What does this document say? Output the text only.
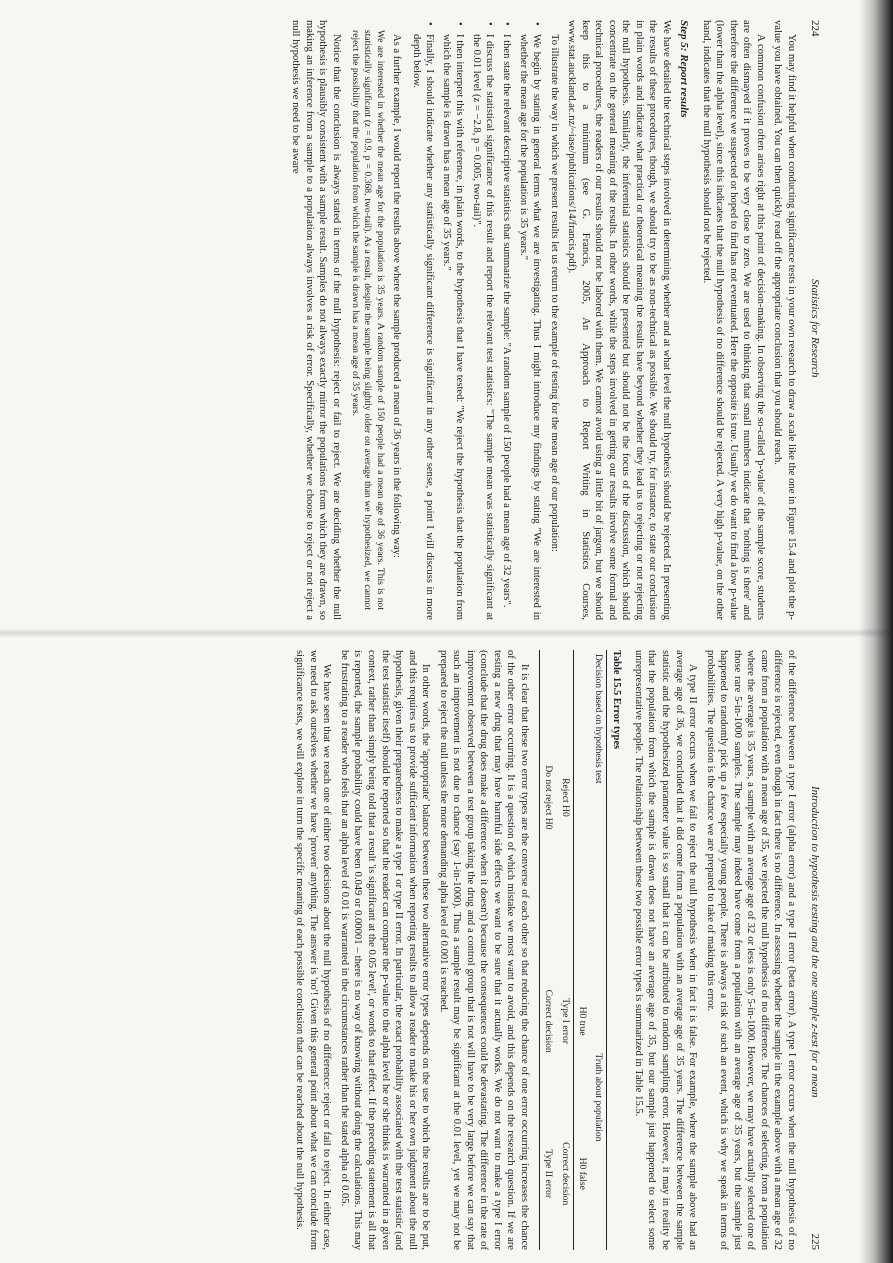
224
Statistics for Research

You may find it helpful when conducting significance tests in your own research to draw a scale like the one in Figure 15.4 and plot the p-value you have obtained. You can then quickly read off the appropriate conclusion that you should reach.

A common confusion often arises right at this point of decision-making. In observing the so-called 'p-value' of the sample score, students are often dismayed if it proves to be very close to zero. We are used to thinking that small numbers indicate that 'nothing is there' and therefore the difference we suspected or hoped to find has not eventuated. Here the opposite is true. Usually we do want to find a low p-value (lower than the alpha level), since this indicates that the null hypothesis of no difference should be rejected. A very high p-value, on the other hand, indicates that the null hypothesis should not be rejected.

Step 5: Report results

We have detailed the technical steps involved in determining whether and at what level the null hypothesis should be rejected. In presenting the results of these procedures, though, we should try to be as non-technical as possible. We should try, for instance, to state our conclusion in plain words and indicate what practical or theoretical meaning the results have beyond whether they lead us to rejecting or not rejecting the null hypothesis. Similarly, the inferential statistics should be presented but should not be the focus of the discussion, which should concentrate on the general meaning of the results. In other words, while the steps involved in getting our results involve some formal and technical procedures, the readers of our results should not be labored with them. We cannot avoid using a little bit of jargon, but we should keep this to a minimum (see G. Francis, 2005, An Approach to Report Writing in Statistics Courses, www.stat.auckland.ac.nz/~iase/publications/14/francis.pdf).

To illustrate the way in which we present results let us return to the example of testing for the mean age of our population:

• We begin by stating in general terms what we are investigating. Thus I might introduce my findings by stating "We are interested in whether the mean age for the population is 35 years."
• I then state the relevant descriptive statistics that summarize the sample: "A random sample of 150 people had a mean age of 32 years".
• I discuss the statistical significance of this result and report the relevant test statistics: "The sample mean was statistically significant at the 0.01 level (z = −2.8, p = 0.005, two-tail)".
• I then interpret this with reference, in plain words, to the hypothesis that I have tested: "We reject the hypothesis that the population from which the sample is drawn has a mean age of 35 years."
• Finally, I should indicate whether any statistically significant difference is significant in any other sense, a point I will discuss in more depth below.

As a further example, I would report the results above where the sample produced a mean of 36 years in the following way:

We are interested in whether the mean age for the population is 35 years. A random sample of 150 people had a mean age of 36 years. This is not statistically significant (z = 0.9, p = 0.368, two-tail). As a result, despite the sample being slightly older on average than we hypothesized, we cannot reject the possibility that the population from which the sample is drawn has a mean age of 35 years.

Notice that the conclusion is always stated in terms of the null hypothesis: reject or fail to reject. We are deciding whether the null hypothesis is plausibly consistent with a sample result. Samples do not always exactly mirror the populations from which they are drawn, so making an inference from a sample to a population always involves a risk of error. Specifically, whether we choose to reject or not reject a null hypothesis we need to be aware

Introduction to hypothesis testing and the one sample z-test for a mean
225

of the difference between a type I error (alpha error) and a type II error (beta error). A type I error occurs when the null hypothesis of no difference is rejected, even though in fact there is no difference. In assessing whether the sample in the example above with a mean age of 32 came from a population with a mean age of 35, we rejected the null hypothesis of no difference. The chances of selecting, from a population where the average is 35 years, a sample with an average age of 32 or less is only 5-in-1000. However, we may have actually selected one of those rare 5-in-1000 samples. The sample may indeed have come from a population with an average age of 35 years, but the sample just happened to randomly pick up a few especially young people. There is always a risk of such an event, which is why we speak in terms of probabilities. The question is the chance we are prepared to take of making this error.

A type II error occurs when we fail to reject the null hypothesis when in fact it is false. For example, where the sample above had an average age of 36, we concluded that it did come from a population with an average age of 35 years. The difference between the sample statistic and the hypothesized parameter value is so small that it can be attributed to random sampling error. However, it may in reality be that the population from which the sample is drawn does not have an average age of 35, but our sample just happened to select some unrepresentative people. The relationship between these two possible error types is summarized in Table 15.5.

Table 15.5 Error types
Decision based on hypothesis test	Truth about population	
	H0 true	H0 false
Reject H0	Type I error	Correct decision
Do not reject H0	Correct decision	Type II error

It is clear that these two error types are the converse of each other so that reducing the chance of one error occurring increases the chance of the other error occurring. It is a question of which mistake we most want to avoid, and this depends on the research question. If we are testing a new drug that may have harmful side effects we want to be sure that it actually works. We do not want to make a type I error (conclude that the drug does make a difference when it doesn't) because the consequences could be devastating. The difference in the rate of improvement observed between a test group taking the drug and a control group that is not will have to be very large before we can say that such an improvement is not due to chance (say 1-in-1000). Thus a sample result may be significant at the 0.01 level, yet we may not be prepared to reject the null unless the more demanding alpha level of 0.001 is reached.

In other words, the 'appropriate' balance between these two alternative error types depends on the use to which the results are to be put, and this requires us to provide sufficient information when reporting results to allow a reader to make his or her own judgment about the null hypothesis, given their preparedness to make a type I or type II error. In particular, the exact probability associated with the test statistic (and the test statistic itself) should be reported so that the reader can compare the p-value to the alpha level he or she thinks is warranted in a given context, rather than simply being told that a result 'is significant at the 0.05 level', or words to that effect. If the preceding statement is all that is reported, the sample probability could have been 0.049 or 0.00001 – there is no way of knowing without doing the calculations. This may be frustrating to a reader who feels that an alpha level of 0.01 is warranted in the circumstances rather than the stated alpha of 0.05.

We have seen that we reach one of either two decisions about the null hypothesis of no difference: reject or fail to reject. In either case, we need to ask ourselves whether we have 'proven' anything. The answer is 'no'! Given this general point about what we can conclude from significance tests, we will explore in turn the specific meaning of each possible conclusion that can be reached about the null hypothesis.
